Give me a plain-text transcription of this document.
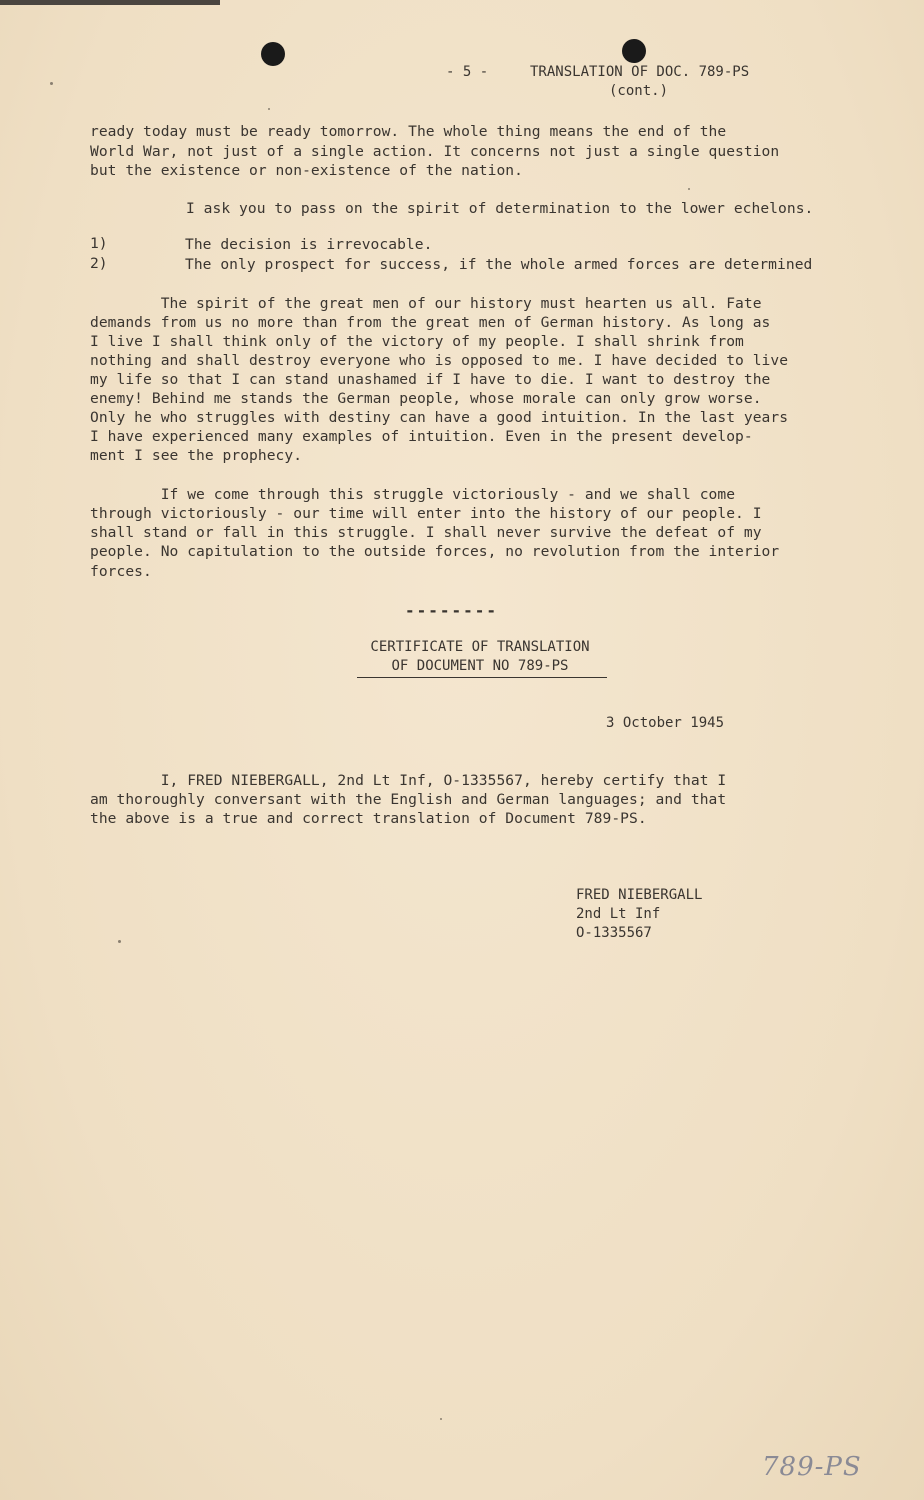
- 5 -	TRANSLATION OF DOC. 789-PS
(cont.)
ready today must be ready tomorrow. The whole thing means the end of the
World War, not just of a single action. It concerns not just a single question
but the existence or non-existence of the nation.
I ask you to pass on the spirit of determination to the lower echelons.
1)	The decision is irrevocable.
2)	The only prospect for success, if the whole armed forces are determined
The spirit of the great men of our history must hearten us all. Fate
demands from us no more than from the great men of German history. As long as
I live I shall think only of the victory of my people. I shall shrink from
nothing and shall destroy everyone who is opposed to me. I have decided to live
my life so that I can stand unashamed if I have to die. I want to destroy the
enemy! Behind me stands the German people, whose morale can only grow worse.
Only he who struggles with destiny can have a good intuition. In the last years
I have experienced many examples of intuition. Even in the present develop-
ment I see the prophecy.
If we come through this struggle victoriously - and we shall come
through victoriously - our time will enter into the history of our people. I
shall stand or fall in this struggle. I shall never survive the defeat of my
people. No capitulation to the outside forces, no revolution from the interior
forces.
--------
CERTIFICATE OF TRANSLATION
OF DOCUMENT NO 789-PS
3 October 1945
I, FRED NIEBERGALL, 2nd Lt Inf, O-1335567, hereby certify that I
am thoroughly conversant with the English and German languages; and that
the above is a true and correct translation of Document 789-PS.
FRED NIEBERGALL
2nd Lt Inf
O-1335567
789-PS
